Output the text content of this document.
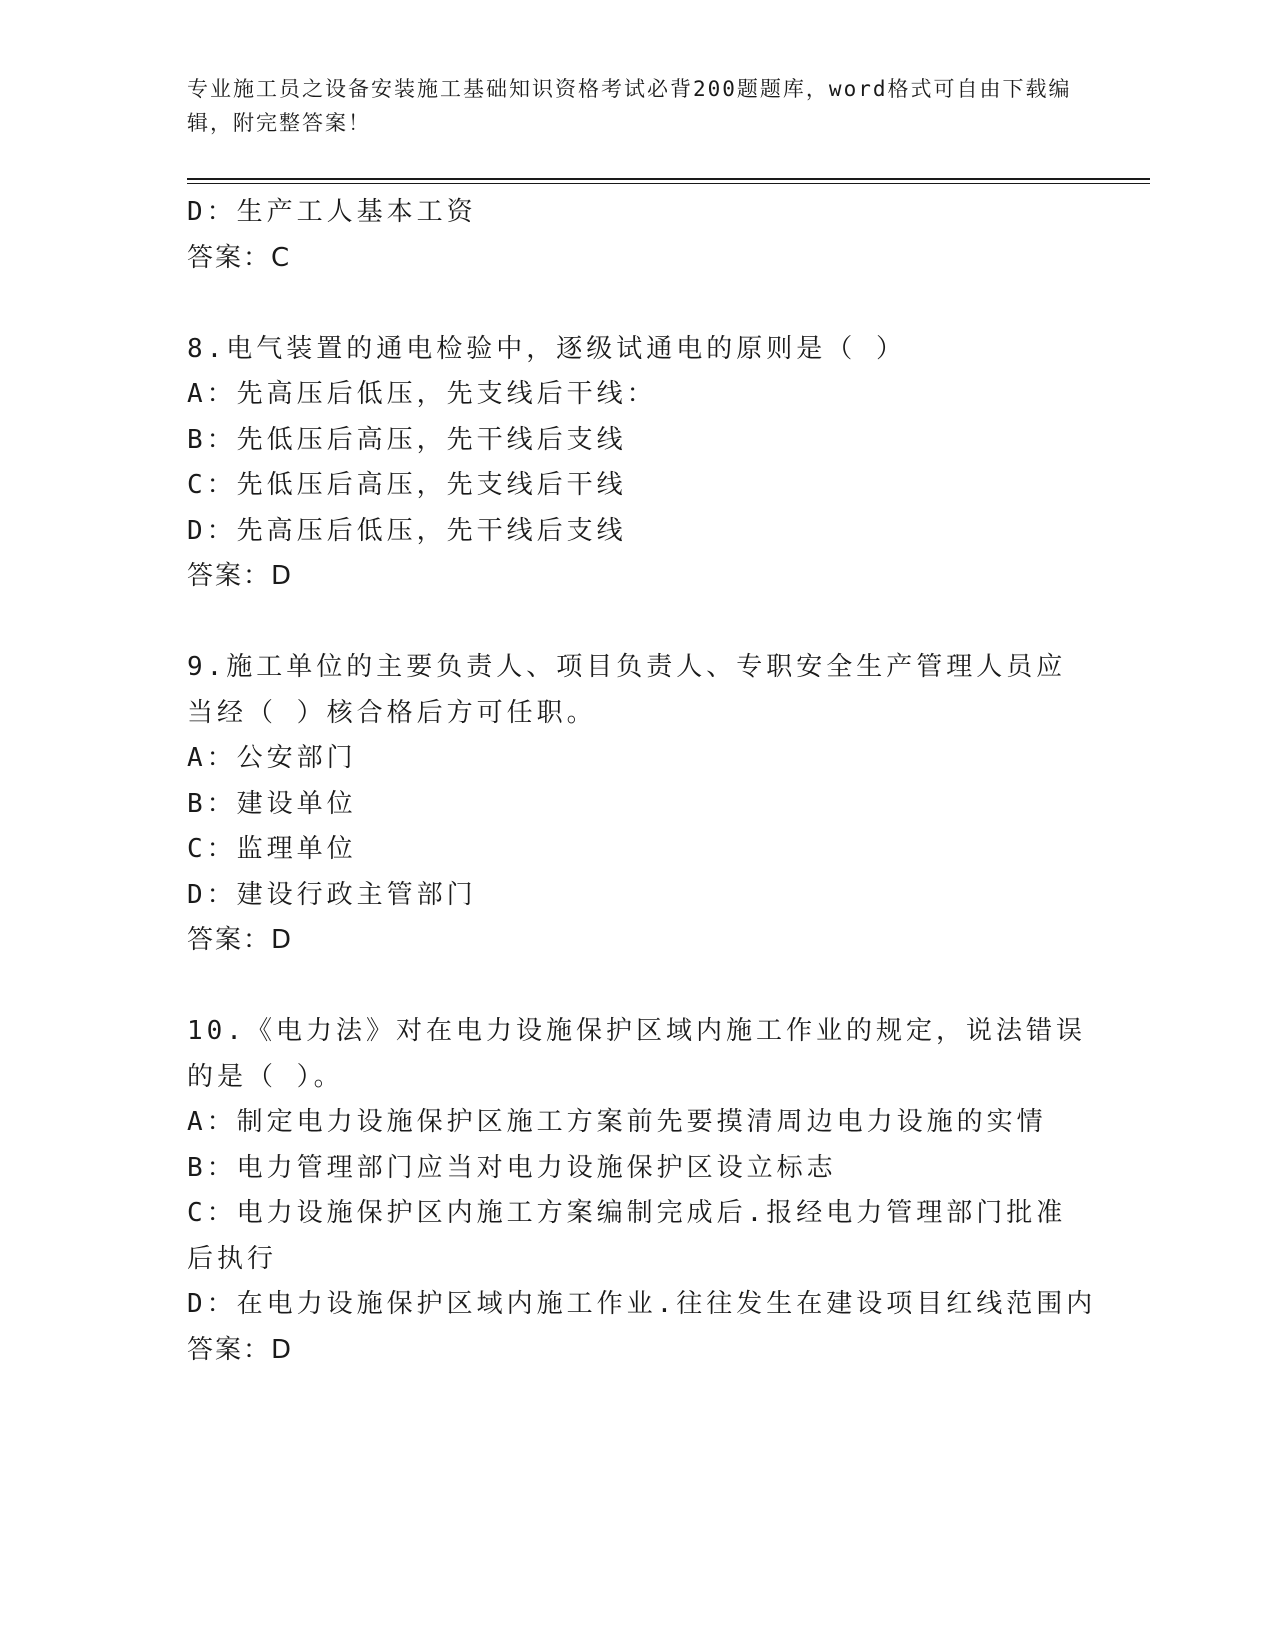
专业施工员之设备安装施工基础知识资格考试必背200题题库，word格式可自由下载编辑，附完整答案！
D：生产工人基本工资
答案：C
8.电气装置的通电检验中，逐级试通电的原则是（ ）
A：先高压后低压，先支线后干线：
B：先低压后高压，先干线后支线
C：先低压后高压，先支线后干线
D：先高压后低压，先干线后支线
答案：D
9.施工单位的主要负责人、项目负责人、专职安全生产管理人员应当经（ ）核合格后方可任职。
A：公安部门
B：建设单位
C：监理单位
D：建设行政主管部门
答案：D
10.《电力法》对在电力设施保护区域内施工作业的规定，说法错误的是（ ）。
A：制定电力设施保护区施工方案前先要摸清周边电力设施的实情
B：电力管理部门应当对电力设施保护区设立标志
C：电力设施保护区内施工方案编制完成后.报经电力管理部门批准后执行
D：在电力设施保护区域内施工作业.往往发生在建设项目红线范围内
答案：D
